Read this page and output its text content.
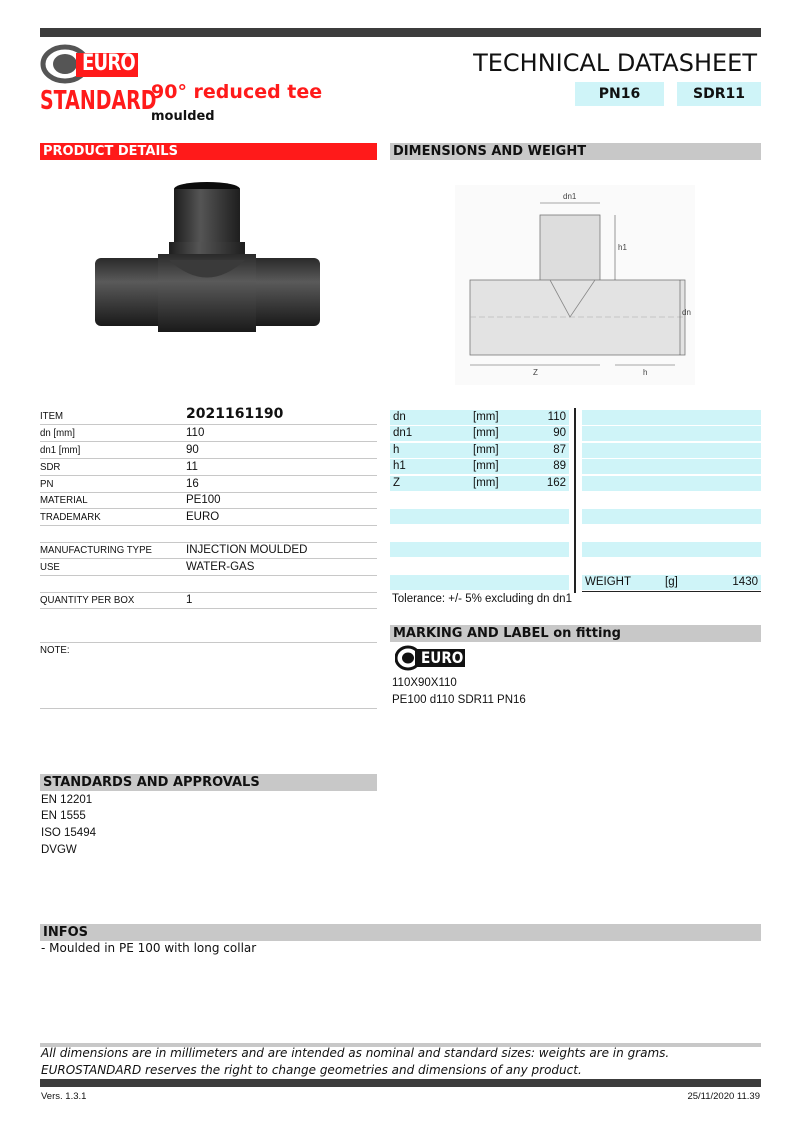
EURO
STANDARD
90° reduced tee
moulded
TECHNICAL DATASHEET
PN16	SDR11
PRODUCT DETAILS	DIMENSIONS AND WEIGHT
dn1
h1
dn
Z	h
ITEM	2021161190
dn [mm]	110
dn1 [mm]	90
SDR	11
PN	16
MATERIAL	PE100
TRADEMARK	EURO
MANUFACTURING TYPE	INJECTION MOULDED
USE	WATER-GAS
QUANTITY PER BOX	1
NOTE:
dn	[mm]	110
dn1	[mm]	90
h	[mm]	87
h1	[mm]	89
Z	[mm]	162
WEIGHT	[g]	1430
Tolerance: +/- 5% excluding dn dn1
MARKING AND LABEL on fitting
EURO
110X90X110
PE100 d110 SDR11 PN16
STANDARDS AND APPROVALS
EN 12201
EN 1555
ISO 15494
DVGW
INFOS
- Moulded in PE 100 with long collar
All dimensions are in millimeters and are intended as nominal and standard sizes: weights are in grams.
EUROSTANDARD reserves the right to change geometries and dimensions of any product.
Vers. 1.3.1	25/11/2020 11.39
